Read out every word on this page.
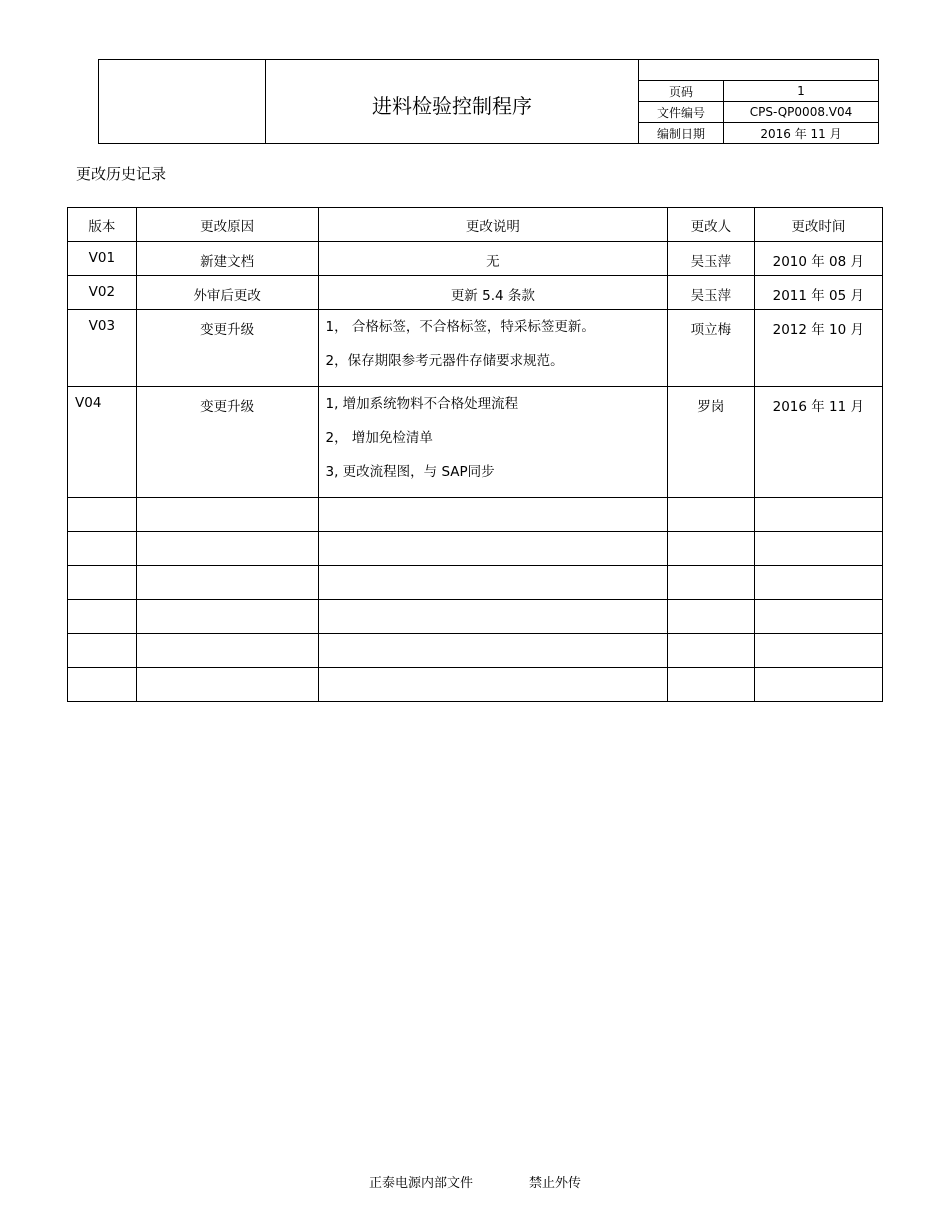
	进料检验控制程序		
		页码	1
		文件编号	CPS-QP0008.V04
		编制日期	2016 年 11 月
更改历史记录
版本	更改原因	更改说明	更改人	更改时间
V01	新建文档	无	吴玉萍	2010 年 08 月
V02	外审后更改	更新 5.4 条款	吴玉萍	2011 年 05 月
V03	变更升级	1， 合格标签，不合格标签，特采标签更新。
2，保存期限参考元器件存储要求规范。	项立梅	2012 年 10 月
V04	变更升级	1, 增加系统物料不合格处理流程
2， 增加免检清单
3, 更改流程图，与 SAP同步	罗岗	2016 年 11 月

正泰电源内部文件	禁止外传
